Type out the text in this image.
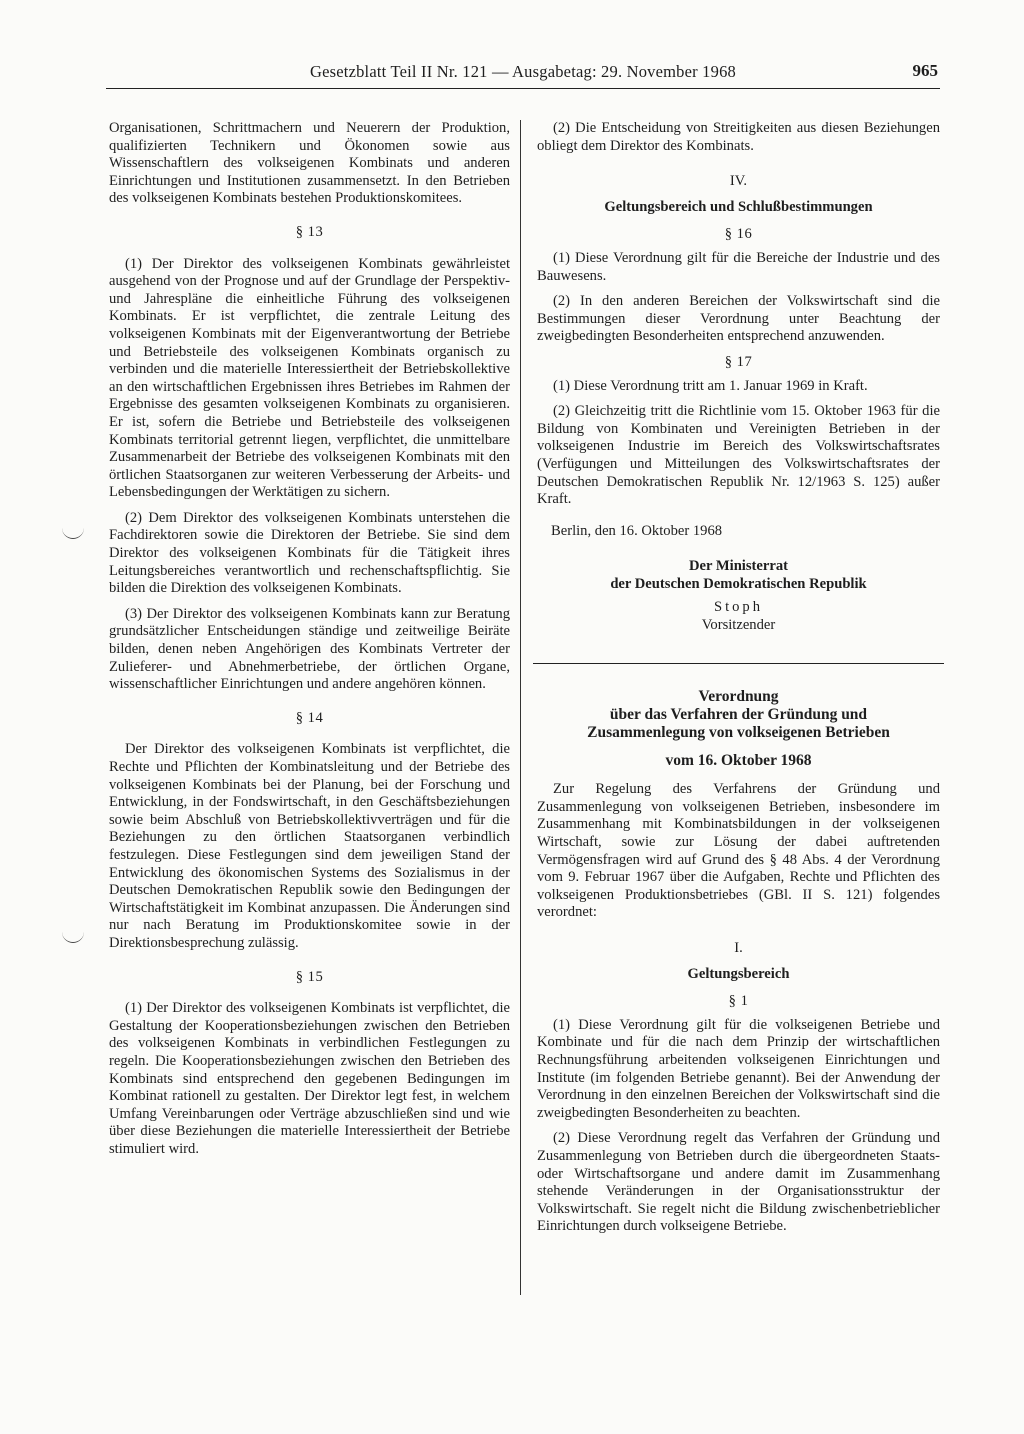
Gesetzblatt Teil II Nr. 121 — Ausgabetag: 29. November 1968	965

Organisationen, Schrittmachern und Neuerern der Produktion, qualifizierten Technikern und Ökonomen sowie aus Wissenschaftlern des volkseigenen Kombinats und anderen Einrichtungen und Institutionen zusammensetzt. In den Betrieben des volkseigenen Kombinats bestehen Produktionskomitees.

§ 13

(1) Der Direktor des volkseigenen Kombinats gewährleistet ausgehend von der Prognose und auf der Grundlage der Perspektiv- und Jahrespläne die einheitliche Führung des volkseigenen Kombinats. Er ist verpflichtet, die zentrale Leitung des volkseigenen Kombinats mit der Eigenverantwortung der Betriebe und Betriebsteile des volkseigenen Kombinats organisch zu verbinden und die materielle Interessiertheit der Betriebskollektive an den wirtschaftlichen Ergebnissen ihres Betriebes im Rahmen der Ergebnisse des gesamten volkseigenen Kombinats zu organisieren. Er ist, sofern die Betriebe und Betriebsteile des volkseigenen Kombinats territorial getrennt liegen, verpflichtet, die unmittelbare Zusammenarbeit der Betriebe des volkseigenen Kombinats mit den örtlichen Staatsorganen zur weiteren Verbesserung der Arbeits- und Lebensbedingungen der Werktätigen zu sichern.

(2) Dem Direktor des volkseigenen Kombinats unterstehen die Fachdirektoren sowie die Direktoren der Betriebe. Sie sind dem Direktor des volkseigenen Kombinats für die Tätigkeit ihres Leitungsbereiches verantwortlich und rechenschaftspflichtig. Sie bilden die Direktion des volkseigenen Kombinats.

(3) Der Direktor des volkseigenen Kombinats kann zur Beratung grundsätzlicher Entscheidungen ständige und zeitweilige Beiräte bilden, denen neben Angehörigen des Kombinats Vertreter der Zulieferer- und Abnehmerbetriebe, der örtlichen Organe, wissenschaftlicher Einrichtungen und andere angehören können.

§ 14

Der Direktor des volkseigenen Kombinats ist verpflichtet, die Rechte und Pflichten der Kombinatsleitung und der Betriebe des volkseigenen Kombinats bei der Planung, bei der Forschung und Entwicklung, in der Fondswirtschaft, in den Geschäftsbeziehungen sowie beim Abschluß von Betriebskollektivverträgen und für die Beziehungen zu den örtlichen Staatsorganen verbindlich festzulegen. Diese Festlegungen sind dem jeweiligen Stand der Entwicklung des ökonomischen Systems des Sozialismus in der Deutschen Demokratischen Republik sowie den Bedingungen der Wirtschaftstätigkeit im Kombinat anzupassen. Die Änderungen sind nur nach Beratung im Produktionskomitee sowie in der Direktionsbesprechung zulässig.

§ 15

(1) Der Direktor des volkseigenen Kombinats ist verpflichtet, die Gestaltung der Kooperationsbeziehungen zwischen den Betrieben des volkseigenen Kombinats in verbindlichen Festlegungen zu regeln. Die Kooperationsbeziehungen zwischen den Betrieben des Kombinats sind entsprechend den gegebenen Bedingungen im Kombinat rationell zu gestalten. Der Direktor legt fest, in welchem Umfang Vereinbarungen oder Verträge abzuschließen sind und wie über diese Beziehungen die materielle Interessiertheit der Betriebe stimuliert wird.

(2) Die Entscheidung von Streitigkeiten aus diesen Beziehungen obliegt dem Direktor des Kombinats.

IV.
Geltungsbereich und Schlußbestimmungen
§ 16

(1) Diese Verordnung gilt für die Bereiche der Industrie und des Bauwesens.

(2) In den anderen Bereichen der Volkswirtschaft sind die Bestimmungen dieser Verordnung unter Beachtung der zweigbedingten Besonderheiten entsprechend anzuwenden.

§ 17

(1) Diese Verordnung tritt am 1. Januar 1969 in Kraft.

(2) Gleichzeitig tritt die Richtlinie vom 15. Oktober 1963 für die Bildung von Kombinaten und Vereinigten Betrieben in der volkseigenen Industrie im Bereich des Volkswirtschaftsrates (Verfügungen und Mitteilungen des Volkswirtschaftsrates der Deutschen Demokratischen Republik Nr. 12/1963 S. 125) außer Kraft.

Berlin, den 16. Oktober 1968
Der Ministerrat
der Deutschen Demokratischen Republik
Stoph
Vorsitzender
Verordnung
über das Verfahren der Gründung und
Zusammenlegung von volkseigenen Betrieben
vom 16. Oktober 1968

Zur Regelung des Verfahrens der Gründung und Zusammenlegung von volkseigenen Betrieben, insbesondere im Zusammenhang mit Kombinatsbildungen in der volkseigenen Wirtschaft, sowie zur Lösung der dabei auftretenden Vermögensfragen wird auf Grund des § 48 Abs. 4 der Verordnung vom 9. Februar 1967 über die Aufgaben, Rechte und Pflichten des volkseigenen Produktionsbetriebes (GBl. II S. 121) folgendes verordnet:

I.
Geltungsbereich
§ 1

(1) Diese Verordnung gilt für die volkseigenen Betriebe und Kombinate und für die nach dem Prinzip der wirtschaftlichen Rechnungsführung arbeitenden volkseigenen Einrichtungen und Institute (im folgenden Betriebe genannt). Bei der Anwendung der Verordnung in den einzelnen Bereichen der Volkswirtschaft sind die zweigbedingten Besonderheiten zu beachten.

(2) Diese Verordnung regelt das Verfahren der Gründung und Zusammenlegung von Betrieben durch die übergeordneten Staats- oder Wirtschaftsorgane und andere damit im Zusammenhang stehende Veränderungen in der Organisationsstruktur der Volkswirtschaft. Sie regelt nicht die Bildung zwischenbetrieblicher Einrichtungen durch volkseigene Betriebe.
